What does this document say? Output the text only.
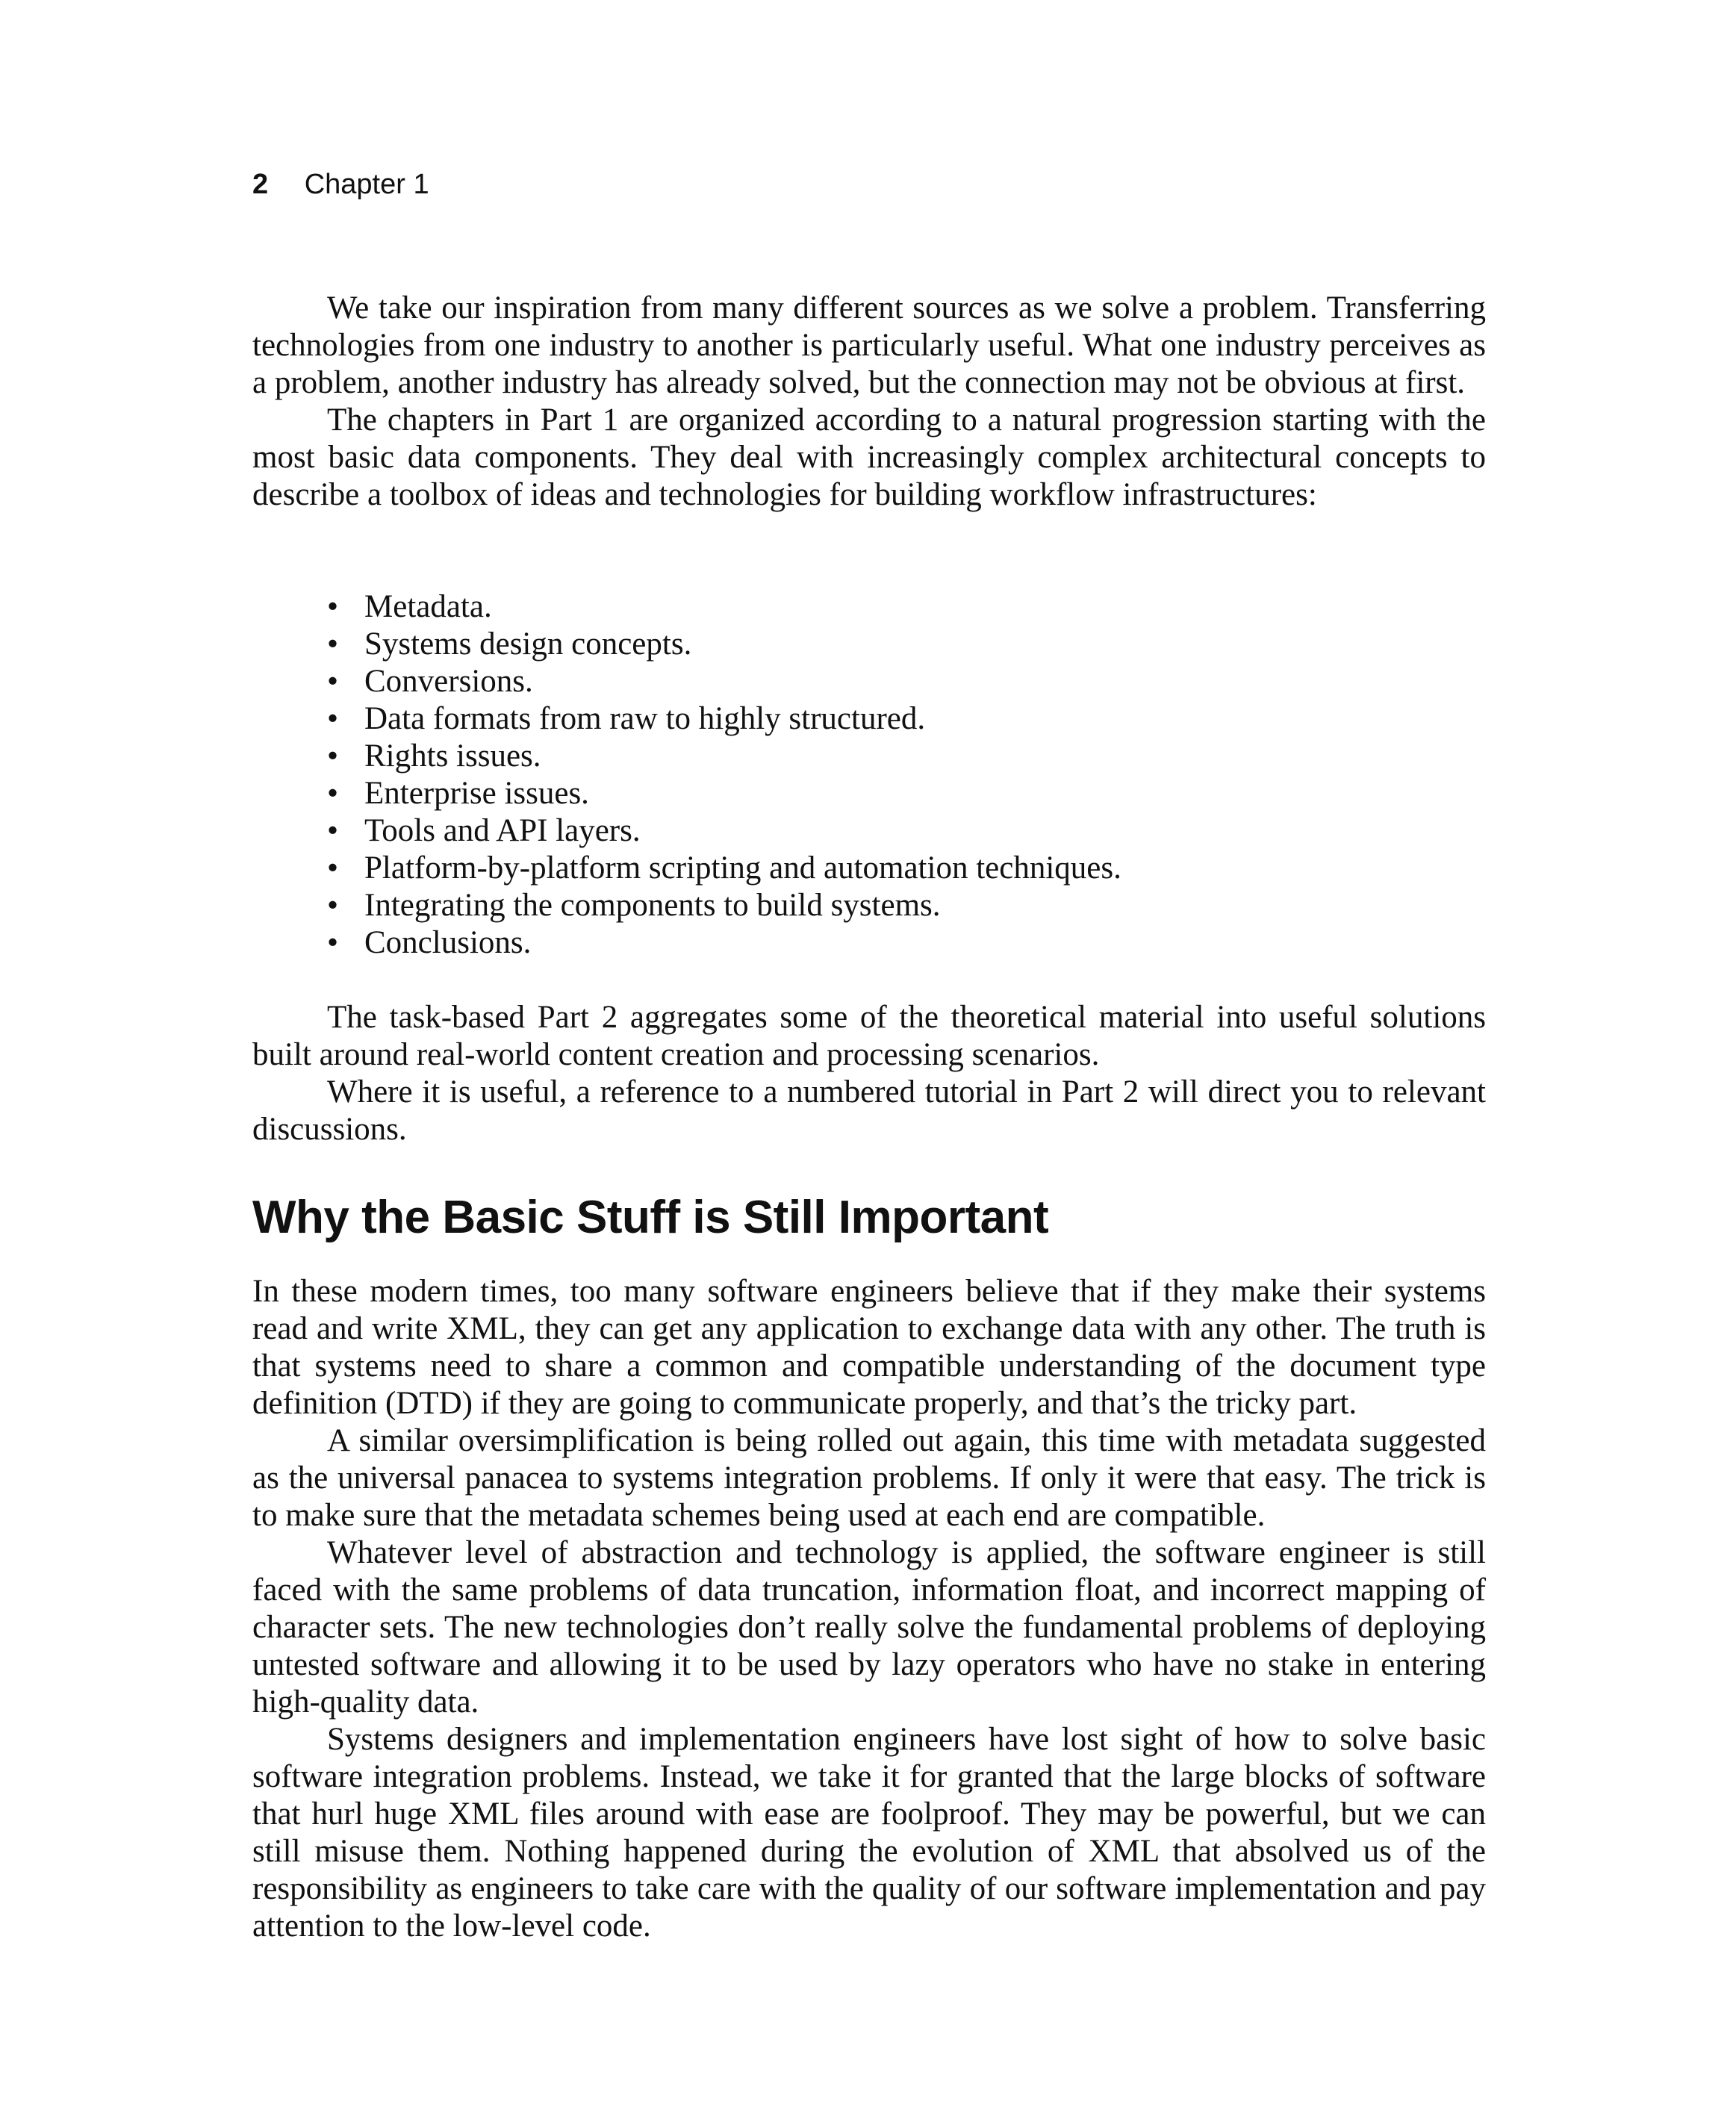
2 Chapter 1

We take our inspiration from many different sources as we solve a problem. Transferring technologies from one industry to another is particularly useful. What one industry perceives as a problem, another industry has already solved, but the connection may not be obvious at first.

The chapters in Part 1 are organized according to a natural progression starting with the most basic data components. They deal with increasingly complex architectural concepts to describe a toolbox of ideas and technologies for building workflow infrastructures:

• Metadata.
• Systems design concepts.
• Conversions.
• Data formats from raw to highly structured.
• Rights issues.
• Enterprise issues.
• Tools and API layers.
• Platform-by-platform scripting and automation techniques.
• Integrating the components to build systems.
• Conclusions.

The task-based Part 2 aggregates some of the theoretical material into useful solutions built around real-world content creation and processing scenarios.

Where it is useful, a reference to a numbered tutorial in Part 2 will direct you to relevant discussions.

Why the Basic Stuff is Still Important

In these modern times, too many software engineers believe that if they make their systems read and write XML, they can get any application to exchange data with any other. The truth is that systems need to share a common and compatible understanding of the document type definition (DTD) if they are going to communicate properly, and that’s the tricky part.

A similar oversimplification is being rolled out again, this time with metadata suggested as the universal panacea to systems integration problems. If only it were that easy. The trick is to make sure that the metadata schemes being used at each end are compatible.

Whatever level of abstraction and technology is applied, the software engineer is still faced with the same problems of data truncation, information float, and incorrect mapping of character sets. The new technologies don’t really solve the fundamental problems of deploying untested software and allowing it to be used by lazy operators who have no stake in entering high-quality data.

Systems designers and implementation engineers have lost sight of how to solve basic software integration problems. Instead, we take it for granted that the large blocks of software that hurl huge XML files around with ease are foolproof. They may be powerful, but we can still misuse them. Nothing happened during the evolution of XML that absolved us of the responsibility as engineers to take care with the quality of our software implementation and pay attention to the low-level code.
